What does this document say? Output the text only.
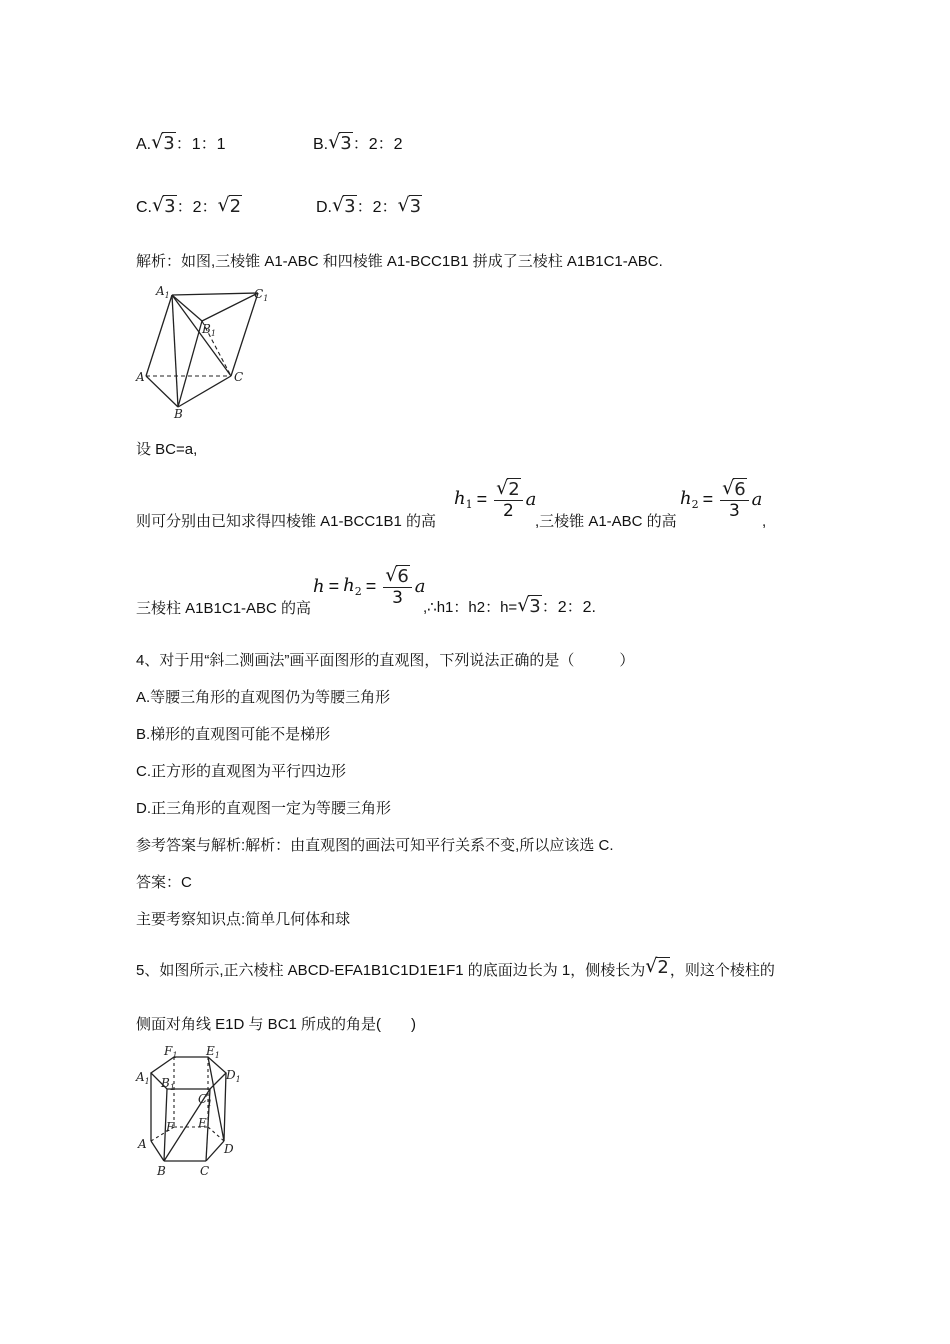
A.√3：1：1	B.√3：2：2
C.√3：2：√2	D.√3：2：√3
解析：如图,三棱锥 A1-ABC 和四棱锥 A1-BCC1B1 拼成了三棱柱 A1B1C1-ABC.
$A_1$	$C_1$
$B_1$
A	C
B
设 BC=a,
则可分别由已知求得四棱锥 A1-BCC1B1 的高
$h_1 = \frac{√2}{2}$ a
,三棱锥 A1-ABC 的高
$h_2 = \frac{√6}{3}$ a
,
三棱柱 A1B1C1-ABC 的高
$h = h_2 = \frac{√6}{3}$ a
,∴h1：h2：h=√3：2：2.
4、对于用“斜二测画法”画平面图形的直观图，下列说法正确的是（　　　）
A.等腰三角形的直观图仍为等腰三角形
B.梯形的直观图可能不是梯形
C.正方形的直观图为平行四边形
D.正三角形的直观图一定为等腰三角形
参考答案与解析:解析：由直观图的画法可知平行关系不变,所以应该选 C.
答案：C
主要考察知识点:简单几何体和球
5、如图所示,正六棱柱 ABCD-EFA1B1C1D1E1F1 的底面边长为 1，侧棱长为√2，则这个棱柱的
侧面对角线 E1D 与 BC1 所成的角是(　　)
$F_1$ $E_1$
$A_1$ $B_1$
$C_1$
$D_1$
F E
A
B	C
D
